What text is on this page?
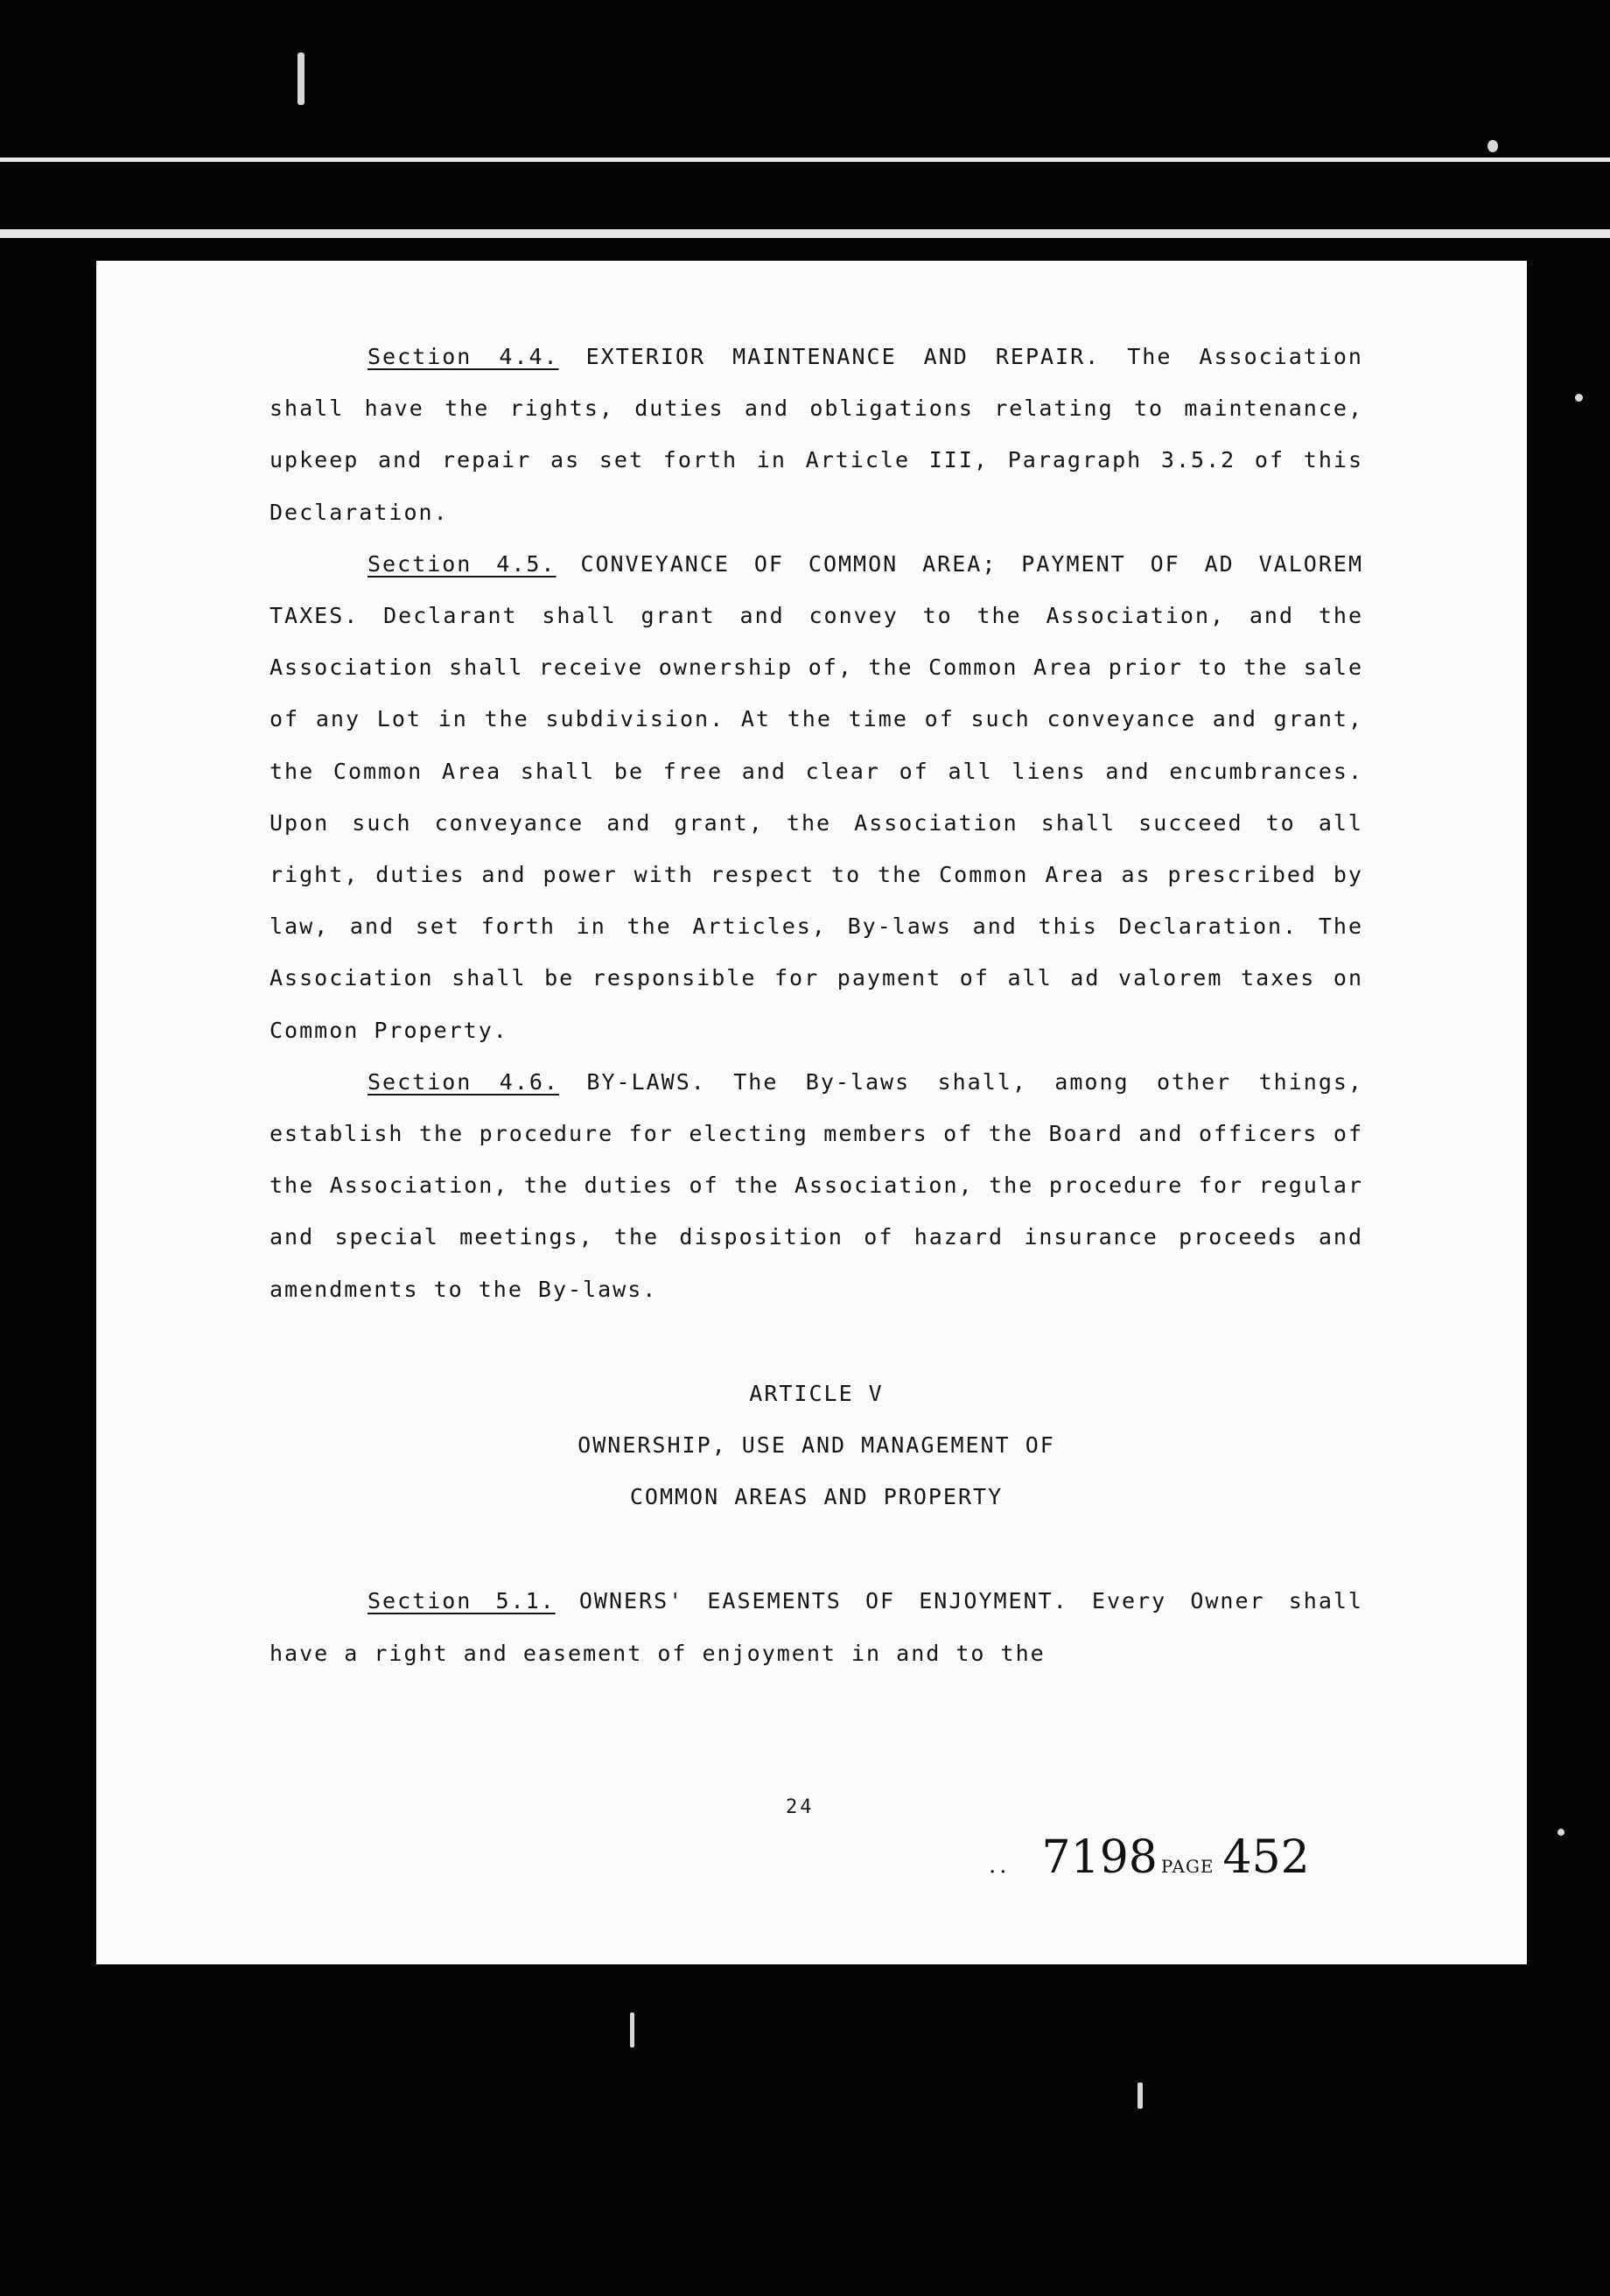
Section 4.4. EXTERIOR MAINTENANCE AND REPAIR. The Association shall have the rights, duties and obligations relating to maintenance, upkeep and repair as set forth in Article III, Paragraph 3.5.2 of this Declaration.

Section 4.5. CONVEYANCE OF COMMON AREA; PAYMENT OF AD VALOREM TAXES. Declarant shall grant and convey to the Association, and the Association shall receive ownership of, the Common Area prior to the sale of any Lot in the subdivision. At the time of such conveyance and grant, the Common Area shall be free and clear of all liens and encumbrances. Upon such conveyance and grant, the Association shall succeed to all right, duties and power with respect to the Common Area as prescribed by law, and set forth in the Articles, By-laws and this Declaration. The Association shall be responsible for payment of all ad valorem taxes on Common Property.

Section 4.6. BY-LAWS. The By-laws shall, among other things, establish the procedure for electing members of the Board and officers of the Association, the duties of the Association, the procedure for regular and special meetings, the disposition of hazard insurance proceeds and amendments to the By-laws.

ARTICLE V
OWNERSHIP, USE AND MANAGEMENT OF
COMMON AREAS AND PROPERTY

Section 5.1. OWNERS' EASEMENTS OF ENJOYMENT. Every Owner shall have a right and easement of enjoyment in and to the

24
.. 7198 PAGE 452
